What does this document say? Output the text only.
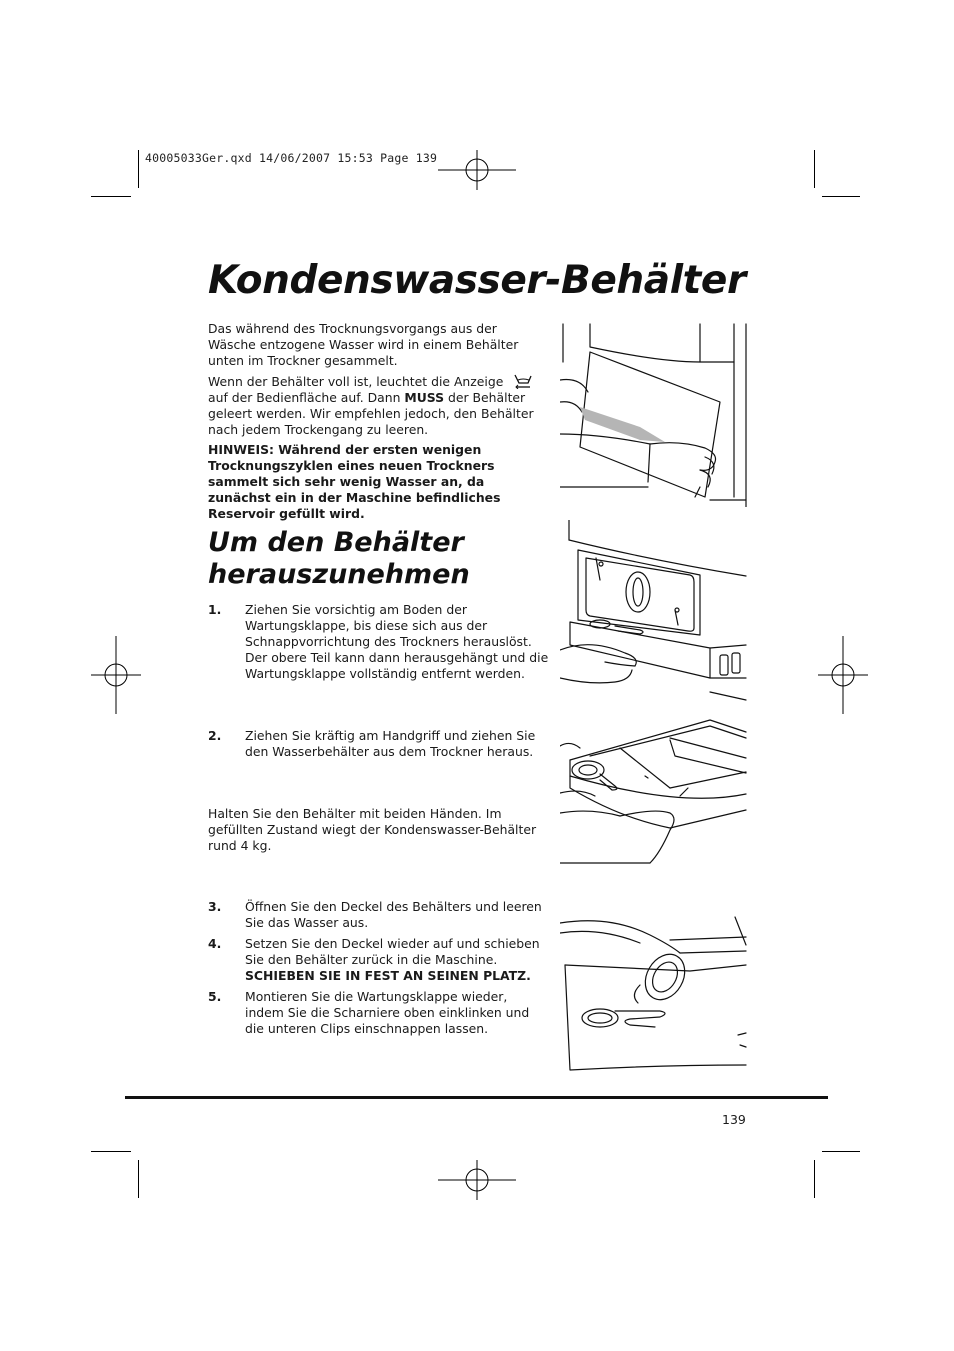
40005033Ger.qxd 14/06/2007 15:53 Page 139
Kondenswasser-Behälter

Das während des Trocknungsvorgangs aus der Wäsche entzogene Wasser wird in einem Behälter unten im Trockner gesammelt.

Wenn der Behälter voll ist, leuchtet die Anzeige
auf der Bedienfläche auf. Dann MUSS der Behälter geleert werden. Wir empfehlen jedoch, den Behälter nach jedem Trockengang zu leeren.

HINWEIS: Während der ersten wenigen Trocknungszyklen eines neuen Trockners sammelt sich sehr wenig Wasser an, da zunächst ein in der Maschine befindliches Reservoir gefüllt wird.

Um den Behälter herauszunehmen
1.	Ziehen Sie vorsichtig am Boden der Wartungsklappe, bis diese sich aus der Schnappvorrichtung des Trockners herauslöst. Der obere Teil kann dann herausgehängt und die Wartungsklappe vollständig entfernt werden.
2.	Ziehen Sie kräftig am Handgriff und ziehen Sie den Wasserbehälter aus dem Trockner heraus.

Halten Sie den Behälter mit beiden Händen. Im gefüllten Zustand wiegt der Kondenswasser-Behälter rund 4 kg.

3.	Öffnen Sie den Deckel des Behälters und leeren Sie das Wasser aus.
4.	Setzen Sie den Deckel wieder auf und schieben Sie den Behälter zurück in die Maschine. SCHIEBEN SIE IN FEST AN SEINEN PLATZ.
5.	Montieren Sie die Wartungsklappe wieder, indem Sie die Scharniere oben einklinken und die unteren Clips einschnappen lassen.
139
